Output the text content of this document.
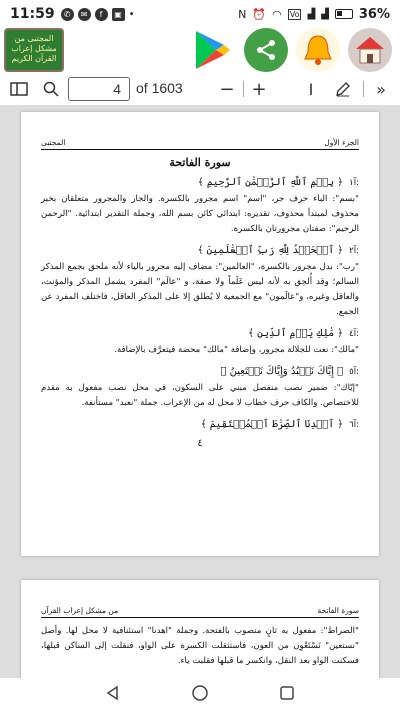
11:59	✆	✉	f	▣ •	N ⏰ ◠ Vo ▟ ▟ 36%
المجتبى من مشكل إعراب القرآن الكريم
4	of 1603	− +	I	»
الجزء الأول
المجتبى
سورة الفاتحة
آ١:
﴿ بِسۡمِ ٱللَّهِ ٱلرَّحۡمَٰنِ ٱلرَّحِيمِ ﴾

"بسم": الباء حرف جر، "اسم" اسم مجرور بالكسرة. والجار والمجرور متعلقان بخبر محذوف لمبتدأ محذوف، تقديره: ابتدائي كائن بسم الله، وجملة التقدير ابتدائية. "الرحمن الرحيم": صفتان مجرورتان بالكسرة.

آ٢:
﴿ ٱلۡحَمۡدُ لِلَّهِ رَبِّ ٱلۡعَٰلَمِينَ ﴾

"رب": بدل مجرور بالكسرة، "العالمين": مضاف إليه مجرور بالياء لأنه ملحق بجمع المذكر السالم؛ وقد أُلحِق به لأنه ليس عَلَماً ولا صفة، و "عالَم" المفرد يشمل المذكر والمؤنث، والعاقل وغيره، و"عالَمون" مع الجمعية لا يُطلق إلا على المذكر العاقل، فاختلف المفرد عن الجمع.

آ٤:
﴿ مَٰلِكِ يَوۡمِ ٱلدِّينِ ﴾

"مالك": نعت للجلالة مجرور، وإضافة "مالك" محضة فيتعرَّف بالإضافة.

آ٥:
﴿ إِيَّاكَ نَعۡبُدُ وَإِيَّاكَ نَسۡتَعِينُ ﴾

"إيّاك": ضمير نصب منفصل مبني على السكون، في محل نصب مفعول به مقدم للاختصاص. والكاف حرف خطاب لا محل له من الإعراب. جملة "نعبد" مستأنفة.

آ٦:
﴿ ٱهۡدِنَا ٱلصِّرَٰطَ ٱلۡمُسۡتَقِيمَ ﴾
٤
سورة الفاتحة
من مشكل إعراب القرآن

"الصراط": مفعول به ثانٍ منصوب بالفتحة. وجملة "اهدنا" استئنافية لا محل لها. وأصل "نستعين" نَسْتَعْوِن من العون، فاستثقلت الكسرة على الواو، فنقلت إلى الساكن قبلها، فسكنت الواو بعد النقل، وانكسر ما قبلها فقلبت ياء.
